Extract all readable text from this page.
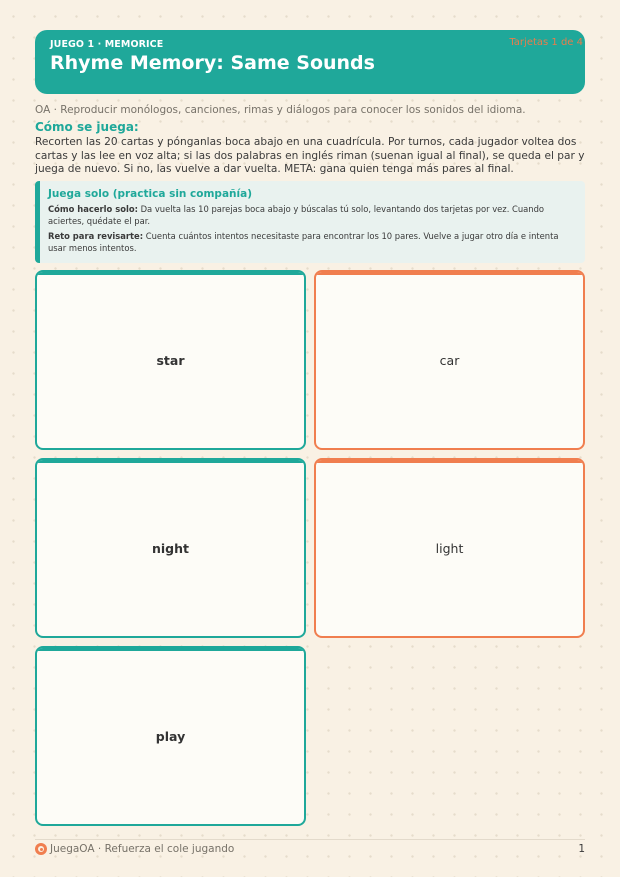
JUEGO 1 · MEMORICE
Rhyme Memory: Same Sounds
Tarjetas 1 de 4
OA · Reproducir monólogos, canciones, rimas y diálogos para conocer los sonidos del idioma.
Cómo se juega:
Recorten las 20 cartas y pónganlas boca abajo en una cuadrícula. Por turnos, cada jugador voltea dos cartas y las lee en voz alta; si las dos palabras en inglés riman (suenan igual al final), se queda el par y juega de nuevo. Si no, las vuelve a dar vuelta. META: gana quien tenga más pares al final.
Juega solo (practica sin compañía)
Cómo hacerlo solo: Da vuelta las 10 parejas boca abajo y búscalas tú solo, levantando dos tarjetas por vez. Cuando aciertes, quédate el par.
Reto para revisarte: Cuenta cuántos intentos necesitaste para encontrar los 10 pares. Vuelve a jugar otro día e intenta usar menos intentos.
star	car
night	light
play
JuegaOA · Refuerza el cole jugando	1
